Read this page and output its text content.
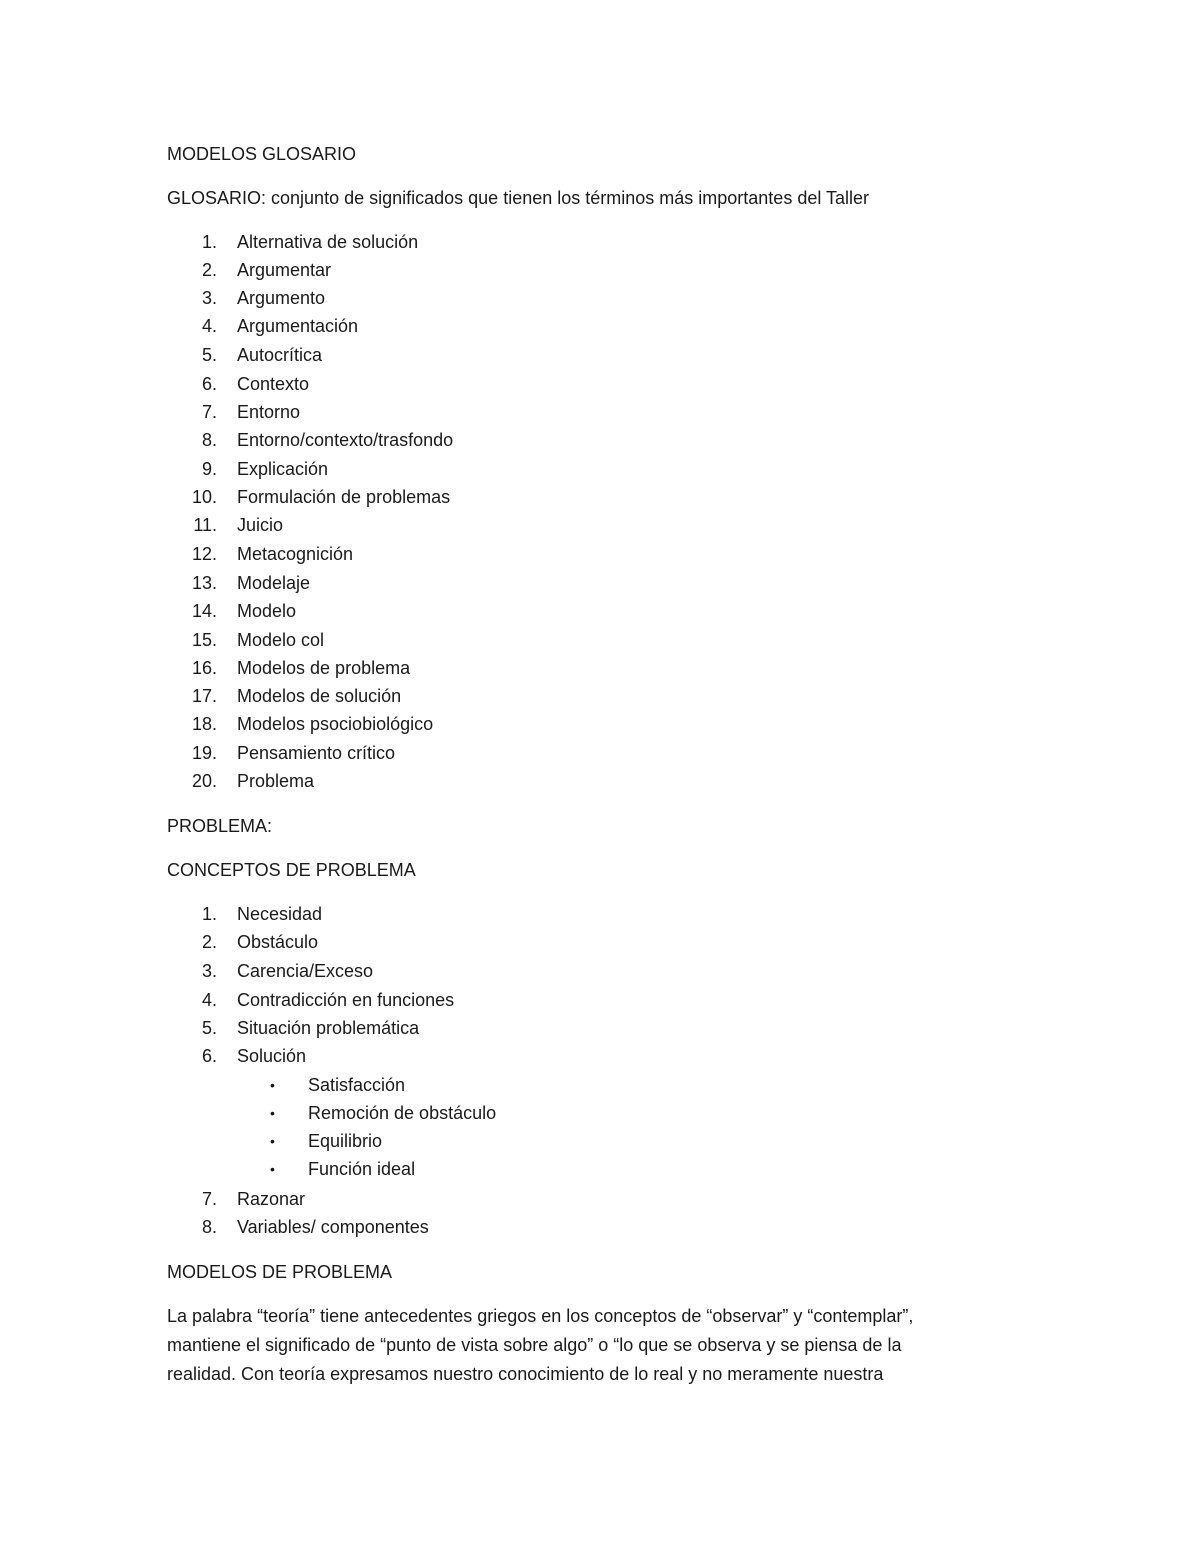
MODELOS GLOSARIO
GLOSARIO: conjunto de significados que tienen los términos más importantes del Taller
1. Alternativa de solución
2. Argumentar
3. Argumento
4. Argumentación
5. Autocrítica
6. Contexto
7. Entorno
8. Entorno/contexto/trasfondo
9. Explicación
10. Formulación de problemas
11. Juicio
12. Metacognición
13. Modelaje
14. Modelo
15. Modelo col
16. Modelos de problema
17. Modelos de solución
18. Modelos psociobiológico
19. Pensamiento crítico
20. Problema
PROBLEMA:
CONCEPTOS DE PROBLEMA
1. Necesidad
2. Obstáculo
3. Carencia/Exceso
4. Contradicción en funciones
5. Situación problemática
6. Solución
• Satisfacción
• Remoción de obstáculo
• Equilibrio
• Función ideal
7. Razonar
8. Variables/ componentes
MODELOS DE PROBLEMA
La palabra “teoría” tiene antecedentes griegos en los conceptos de “observar” y “contemplar”,
mantiene el significado de “punto de vista sobre algo” o “lo que se observa y se piensa de la
realidad. Con teoría expresamos nuestro conocimiento de lo real y no meramente nuestra
